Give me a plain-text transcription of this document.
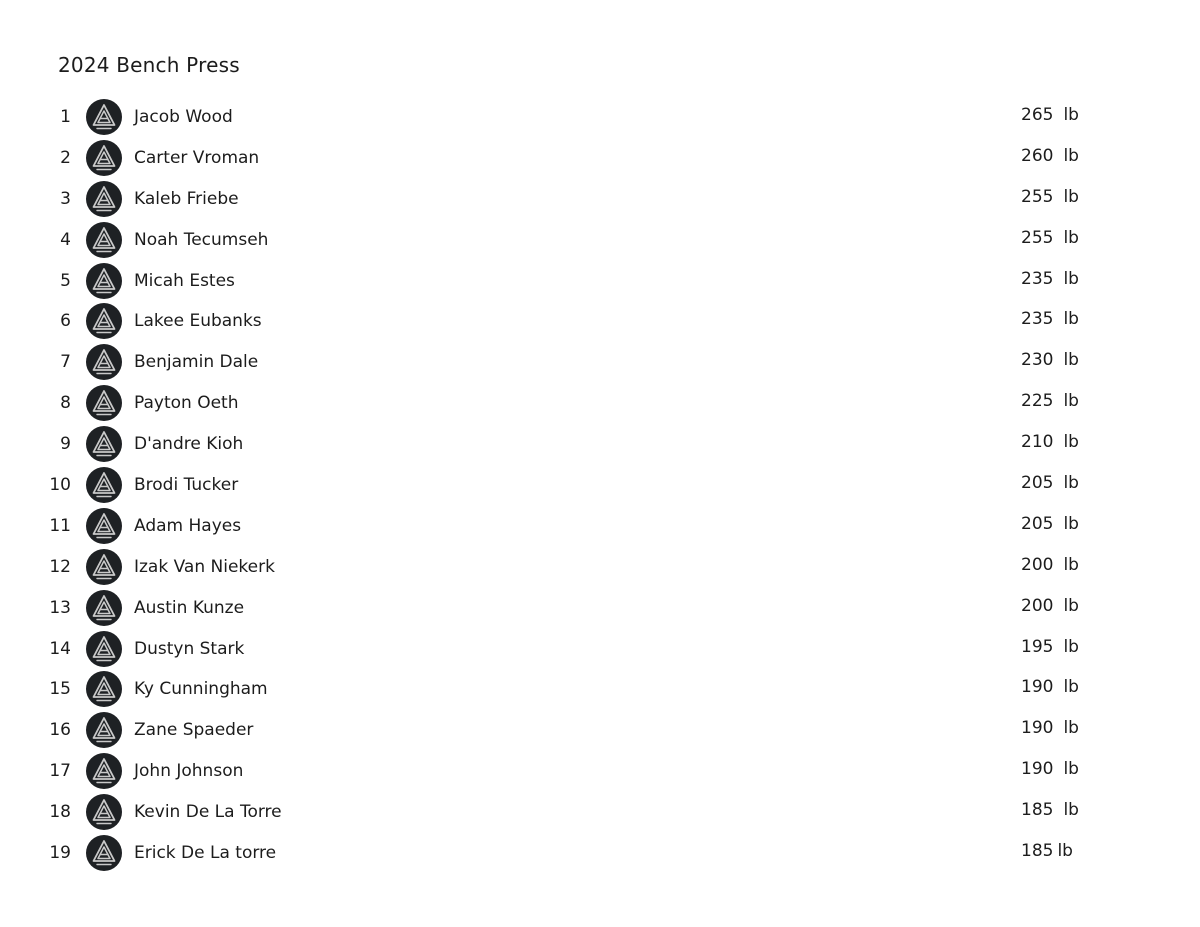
2024 Bench Press
1	Jacob Wood	265 lb
2	Carter Vroman	260 lb
3	Kaleb Friebe	255 lb
4	Noah Tecumseh	255 lb
5	Micah Estes	235 lb
6	Lakee Eubanks	235 lb
7	Benjamin Dale	230 lb
8	Payton Oeth	225 lb
9	D'andre Kioh	210 lb
10	Brodi Tucker	205 lb
11	Adam Hayes	205 lb
12	Izak Van Niekerk	200 lb
13	Austin Kunze	200 lb
14	Dustyn Stark	195 lb
15	Ky Cunningham	190 lb
16	Zane Spaeder	190 lb
17	John Johnson	190 lb
18	Kevin De La Torre	185 lb
19	Erick De La torre	185 lb
